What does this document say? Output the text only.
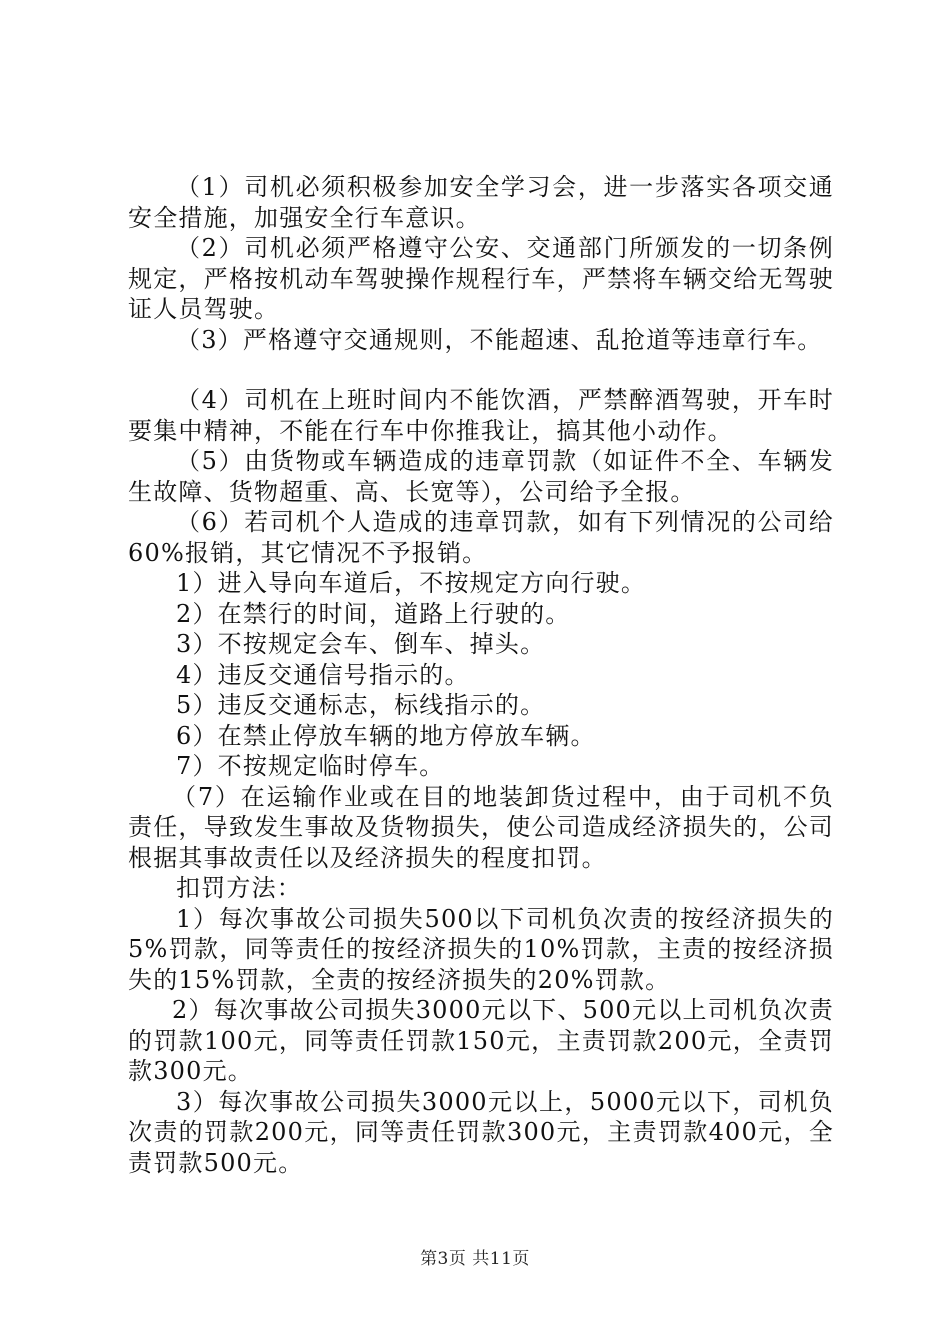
（1）司机必须积极参加安全学习会，进一步落实各项交通安全措施，加强安全行车意识。

（2）司机必须严格遵守公安、交通部门所颁发的一切条例规定，严格按机动车驾驶操作规程行车，严禁将车辆交给无驾驶证人员驾驶。

（3）严格遵守交通规则，不能超速、乱抢道等违章行车。

（4）司机在上班时间内不能饮酒，严禁醉酒驾驶，开车时要集中精神，不能在行车中你推我让，搞其他小动作。

（5）由货物或车辆造成的违章罚款（如证件不全、车辆发生故障、货物超重、高、长宽等），公司给予全报。

（6）若司机个人造成的违章罚款，如有下列情况的公司给60%报销，其它情况不予报销。

1）进入导向车道后，不按规定方向行驶。

2）在禁行的时间，道路上行驶的。

3）不按规定会车、倒车、掉头。

4）违反交通信号指示的。

5）违反交通标志，标线指示的。

6）在禁止停放车辆的地方停放车辆。

7）不按规定临时停车。

（7）在运输作业或在目的地装卸货过程中，由于司机不负责任，导致发生事故及货物损失，使公司造成经济损失的，公司根据其事故责任以及经济损失的程度扣罚。

扣罚方法：

1）每次事故公司损失500以下司机负次责的按经济损失的5%罚款，同等责任的按经济损失的10%罚款，主责的按经济损失的15%罚款，全责的按经济损失的20%罚款。

2）每次事故公司损失3000元以下、500元以上司机负次责的罚款100元，同等责任罚款150元，主责罚款200元，全责罚款300元。

3）每次事故公司损失3000元以上，5000元以下，司机负次责的罚款200元，同等责任罚款300元，主责罚款400元，全责罚款500元。

第3页 共11页
